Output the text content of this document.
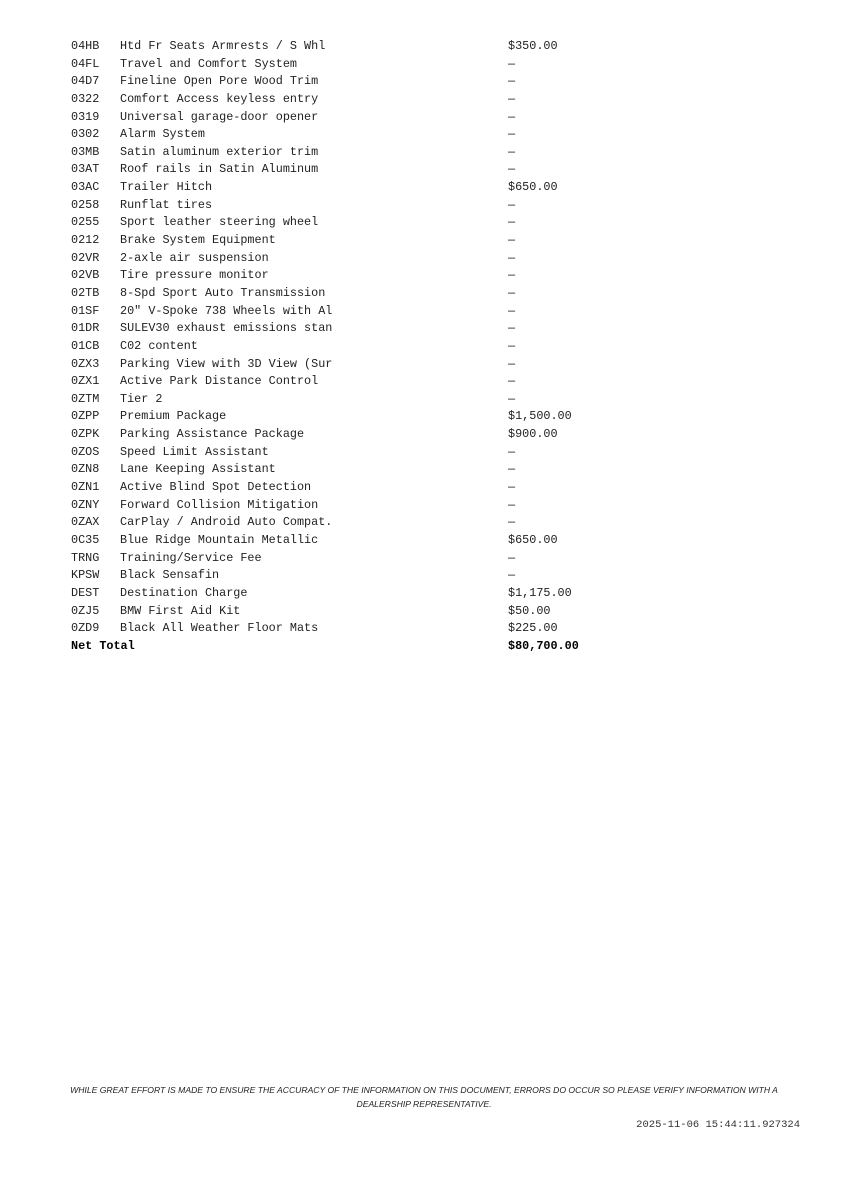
04HB Htd Fr Seats Armrests / S Whl	$350.00
04FL Travel and Comfort System	—
04D7 Fineline Open Pore Wood Trim	—
0322 Comfort Access keyless entry	—
0319 Universal garage-door opener	—
0302 Alarm System	—
03MB Satin aluminum exterior trim	—
03AT Roof rails in Satin Aluminum	—
03AC Trailer Hitch	$650.00
0258 Runflat tires	—
0255 Sport leather steering wheel	—
0212 Brake System Equipment	—
02VR 2-axle air suspension	—
02VB Tire pressure monitor	—
02TB 8-Spd Sport Auto Transmission	—
01SF 20" V-Spoke 738 Wheels with Al	—
01DR SULEV30 exhaust emissions stan	—
01CB C02 content	—
0ZX3 Parking View with 3D View (Sur	—
0ZX1 Active Park Distance Control	—
0ZTM Tier 2	—
0ZPP Premium Package	$1,500.00
0ZPK Parking Assistance Package	$900.00
0ZOS Speed Limit Assistant	—
0ZN8 Lane Keeping Assistant	—
0ZN1 Active Blind Spot Detection	—
0ZNY Forward Collision Mitigation	—
0ZAX CarPlay / Android Auto Compat.	—
0C35 Blue Ridge Mountain Metallic	$650.00
TRNG Training/Service Fee	—
KPSW Black Sensafin	—
DEST Destination Charge	$1,175.00
0ZJ5 BMW First Aid Kit	$50.00
0ZD9 Black All Weather Floor Mats	$225.00
Net Total	$80,700.00
WHILE GREAT EFFORT IS MADE TO ENSURE THE ACCURACY OF THE INFORMATION ON THIS DOCUMENT, ERRORS DO OCCUR SO PLEASE VERIFY INFORMATION WITH A
DEALERSHIP REPRESENTATIVE.
2025-11-06 15:44:11.927324
